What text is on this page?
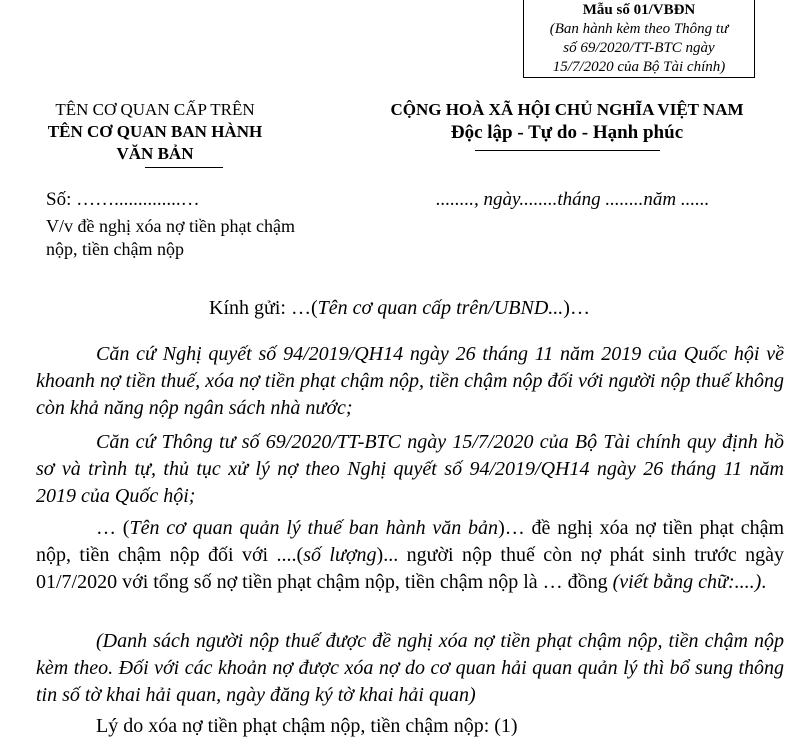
Mẫu số 01/VBĐN
(Ban hành kèm theo Thông tư
số 69/2020/TT-BTC ngày
15/7/2020 của Bộ Tài chính)
TÊN CƠ QUAN CẤP TRÊN
TÊN CƠ QUAN BAN HÀNH
VĂN BẢN
CỘNG HOÀ XÃ HỘI CHỦ NGHĨA VIỆT NAM
Độc lập - Tự do - Hạnh phúc
Số: ……..............…	........, ngày........tháng ........năm ......
V/v đề nghị xóa nợ tiền phạt chậm
nộp, tiền chậm nộp
Kính gửi: …(Tên cơ quan cấp trên/UBND...)…
Căn cứ Nghị quyết số 94/2019/QH14 ngày 26 tháng 11 năm 2019 của Quốc hội về khoanh nợ tiền thuế, xóa nợ tiền phạt chậm nộp, tiền chậm nộp đối với người nộp thuế không còn khả năng nộp ngân sách nhà nước;
Căn cứ Thông tư số 69/2020/TT-BTC ngày 15/7/2020 của Bộ Tài chính quy định hồ sơ và trình tự, thủ tục xử lý nợ theo Nghị quyết số 94/2019/QH14 ngày 26 tháng 11 năm 2019 của Quốc hội;
… (Tên cơ quan quản lý thuế ban hành văn bản)… đề nghị xóa nợ tiền phạt chậm nộp, tiền chậm nộp đối với ....(số lượng)... người nộp thuế còn nợ phát sinh trước ngày 01/7/2020 với tổng số nợ tiền phạt chậm nộp, tiền chậm nộp là … đồng (viết bằng chữ:....).
(Danh sách người nộp thuế được đề nghị xóa nợ tiền phạt chậm nộp, tiền chậm nộp kèm theo. Đối với các khoản nợ được xóa nợ do cơ quan hải quan quản lý thì bổ sung thông tin số tờ khai hải quan, ngày đăng ký tờ khai hải quan)
Lý do xóa nợ tiền phạt chậm nộp, tiền chậm nộp: (1)
